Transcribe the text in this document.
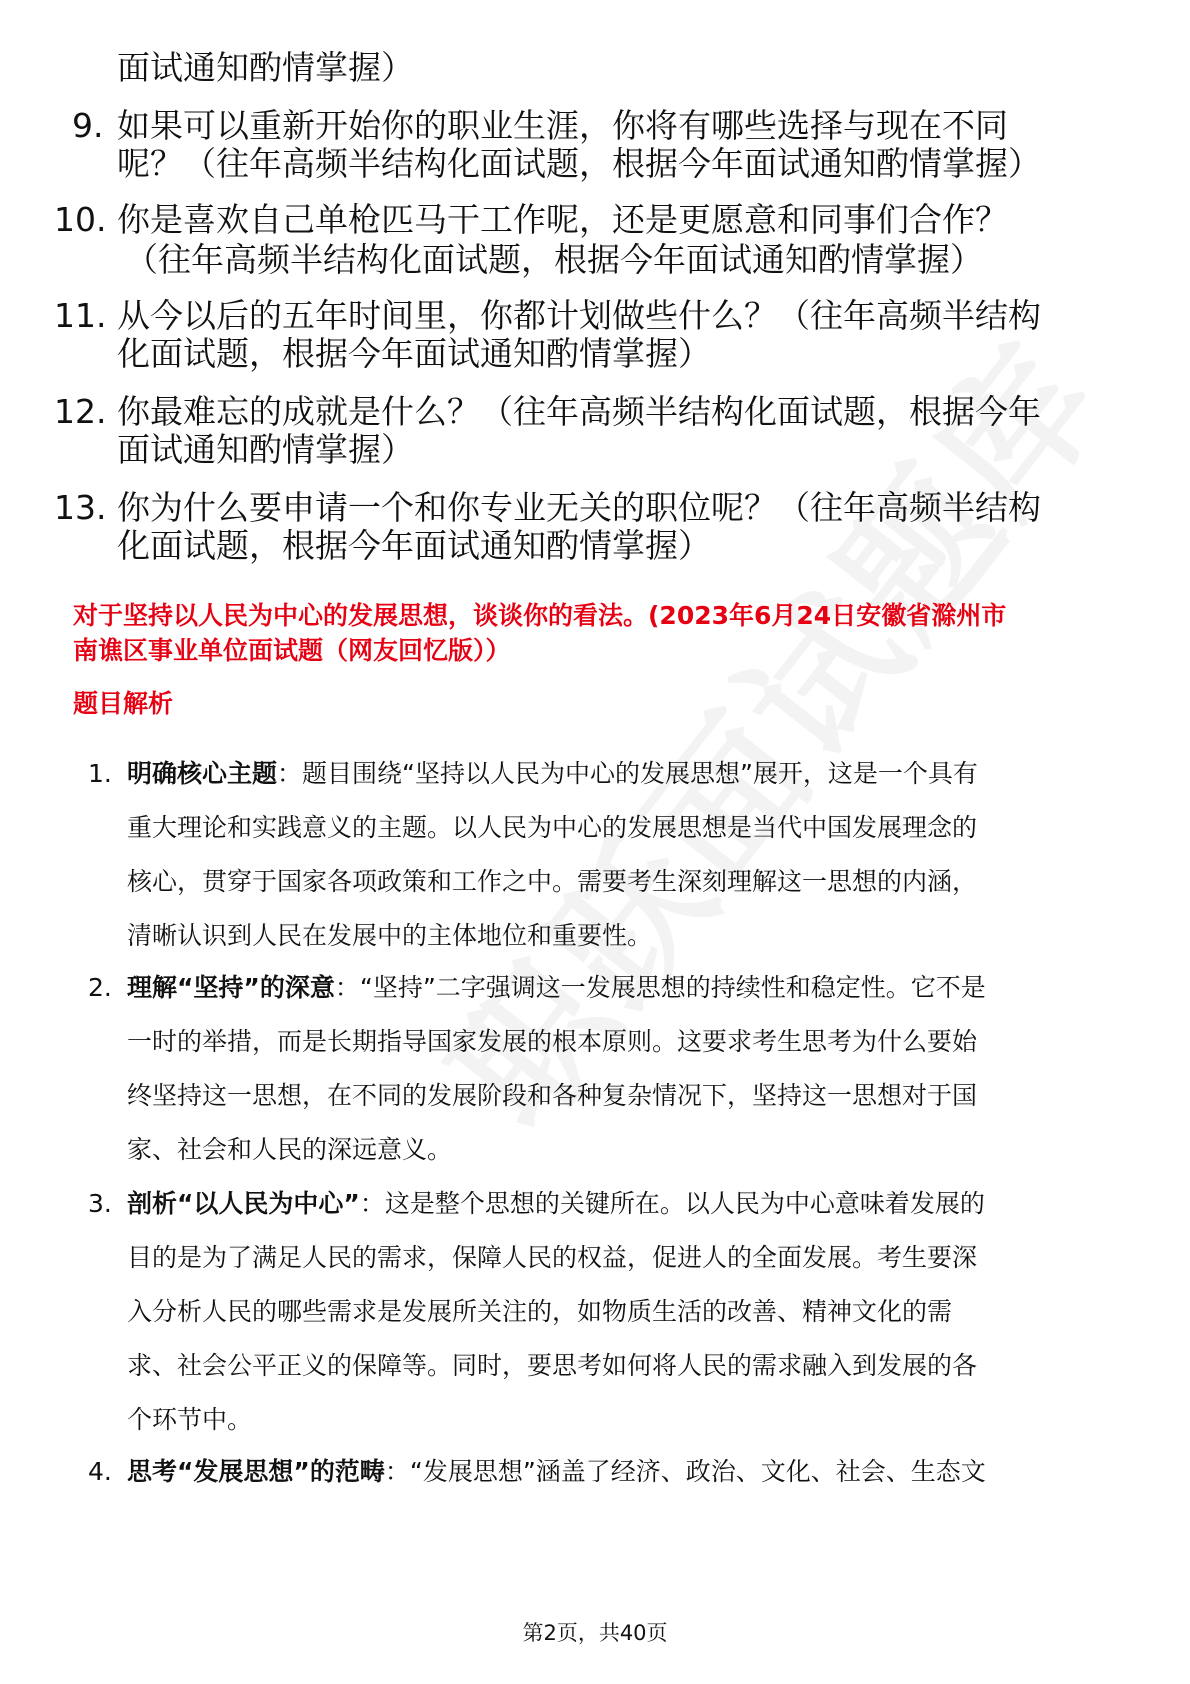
面试通知酌情掌握）
9. 如果可以重新开始你的职业生涯，你将有哪些选择与现在不同
呢？（往年高频半结构化面试题，根据今年面试通知酌情掌握）
10. 你是喜欢自己单枪匹马干工作呢，还是更愿意和同事们合作？
（往年高频半结构化面试题，根据今年面试通知酌情掌握）
11. 从今以后的五年时间里，你都计划做些什么？（往年高频半结构
化面试题，根据今年面试通知酌情掌握）
12. 你最难忘的成就是什么？（往年高频半结构化面试题，根据今年
面试通知酌情掌握）
13. 你为什么要申请一个和你专业无关的职位呢？（往年高频半结构
化面试题，根据今年面试通知酌情掌握）
对于坚持以人民为中心的发展思想，谈谈你的看法。(2023年6月24日安徽省滁州市
南谯区事业单位面试题（网友回忆版））
题目解析
1. 明确核心主题：题目围绕“坚持以人民为中心的发展思想”展开，这是一个具有
重大理论和实践意义的主题。以人民为中心的发展思想是当代中国发展理念的
核心，贯穿于国家各项政策和工作之中。需要考生深刻理解这一思想的内涵，
清晰认识到人民在发展中的主体地位和重要性。
2. 理解“坚持”的深意：“坚持”二字强调这一发展思想的持续性和稳定性。它不是
一时的举措，而是长期指导国家发展的根本原则。这要求考生思考为什么要始
终坚持这一思想，在不同的发展阶段和各种复杂情况下，坚持这一思想对于国
家、社会和人民的深远意义。
3. 剖析“以人民为中心”：这是整个思想的关键所在。以人民为中心意味着发展的
目的是为了满足人民的需求，保障人民的权益，促进人的全面发展。考生要深
入分析人民的哪些需求是发展所关注的，如物质生活的改善、精神文化的需
求、社会公平正义的保障等。同时，要思考如何将人民的需求融入到发展的各
个环节中。
4. 思考“发展思想”的范畴：“发展思想”涵盖了经济、政治、文化、社会、生态文
第2页，共40页
